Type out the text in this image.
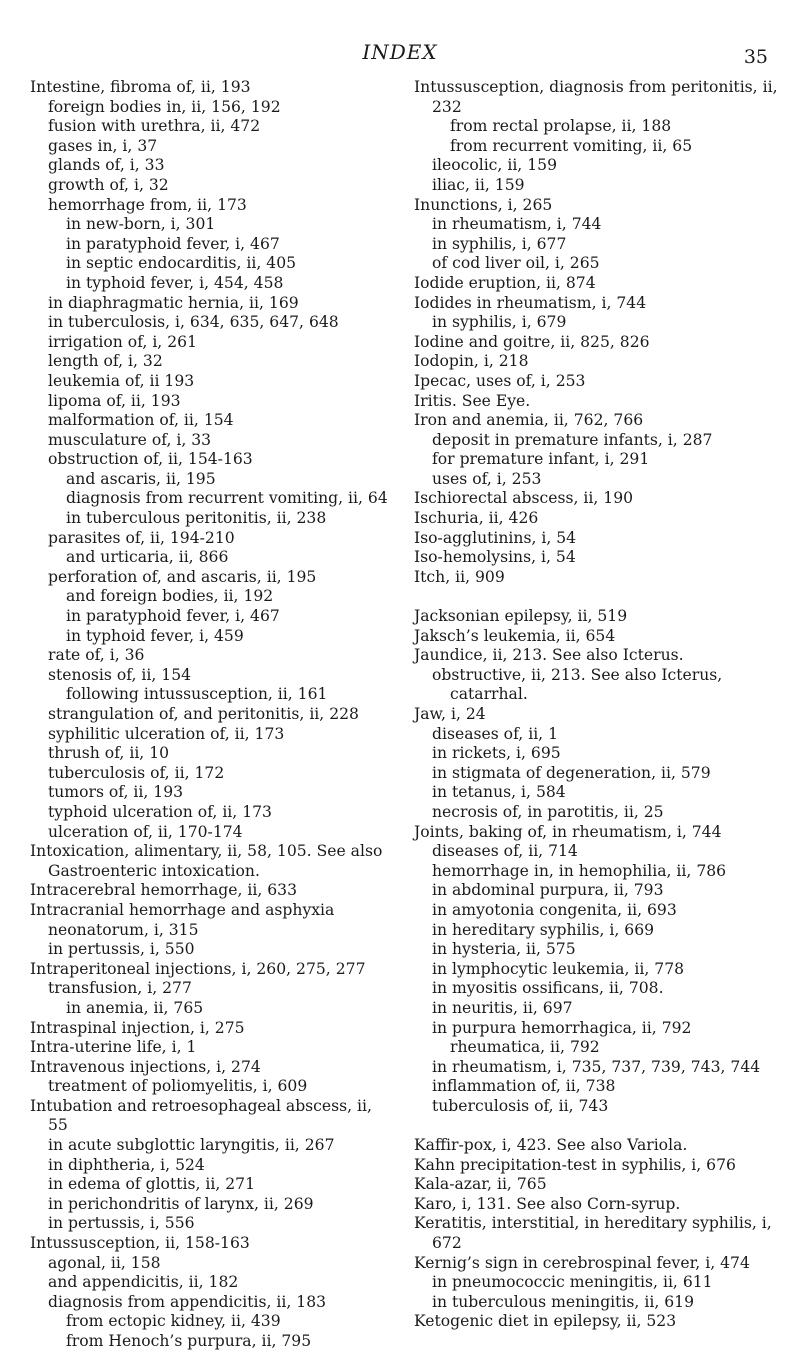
INDEX	35
Intestine, fibroma of, ii, 193
foreign bodies in, ii, 156, 192
fusion with urethra, ii, 472
gases in, i, 37
glands of, i, 33
growth of, i, 32
hemorrhage from, ii, 173
in new-born, i, 301
in paratyphoid fever, i, 467
in septic endocarditis, ii, 405
in typhoid fever, i, 454, 458
in diaphragmatic hernia, ii, 169
in tuberculosis, i, 634, 635, 647, 648
irrigation of, i, 261
length of, i, 32
leukemia of, ii 193
lipoma of, ii, 193
malformation of, ii, 154
musculature of, i, 33
obstruction of, ii, 154-163
and ascaris, ii, 195
diagnosis from recurrent vomiting, ii, 64
in tuberculous peritonitis, ii, 238
parasites of, ii, 194-210
and urticaria, ii, 866
perforation of, and ascaris, ii, 195
and foreign bodies, ii, 192
in paratyphoid fever, i, 467
in typhoid fever, i, 459
rate of, i, 36
stenosis of, ii, 154
following intussusception, ii, 161
strangulation of, and peritonitis, ii, 228
syphilitic ulceration of, ii, 173
thrush of, ii, 10
tuberculosis of, ii, 172
tumors of, ii, 193
typhoid ulceration of, ii, 173
ulceration of, ii, 170-174
Intoxication, alimentary, ii, 58, 105. See also Gastroenteric intoxication.
Intracerebral hemorrhage, ii, 633
Intracranial hemorrhage and asphyxia neonatorum, i, 315
in pertussis, i, 550
Intraperitoneal injections, i, 260, 275, 277
transfusion, i, 277
in anemia, ii, 765
Intraspinal injection, i, 275
Intra-uterine life, i, 1
Intravenous injections, i, 274
treatment of poliomyelitis, i, 609
Intubation and retroesophageal abscess, ii, 55
in acute subglottic laryngitis, ii, 267
in diphtheria, i, 524
in edema of glottis, ii, 271
in perichondritis of larynx, ii, 269
in pertussis, i, 556
Intussusception, ii, 158-163
agonal, ii, 158
and appendicitis, ii, 182
diagnosis from appendicitis, ii, 183
from ectopic kidney, ii, 439
from Henoch’s purpura, ii, 795
Intussusception, diagnosis from peritonitis, ii, 232
from rectal prolapse, ii, 188
from recurrent vomiting, ii, 65
ileocolic, ii, 159
iliac, ii, 159
Inunctions, i, 265
in rheumatism, i, 744
in syphilis, i, 677
of cod liver oil, i, 265
Iodide eruption, ii, 874
Iodides in rheumatism, i, 744
in syphilis, i, 679
Iodine and goitre, ii, 825, 826
Iodopin, i, 218
Ipecac, uses of, i, 253
Iritis. See Eye.
Iron and anemia, ii, 762, 766
deposit in premature infants, i, 287
for premature infant, i, 291
uses of, i, 253
Ischiorectal abscess, ii, 190
Ischuria, ii, 426
Iso-agglutinins, i, 54
Iso-hemolysins, i, 54
Itch, ii, 909
Jacksonian epilepsy, ii, 519
Jaksch’s leukemia, ii, 654
Jaundice, ii, 213. See also Icterus.
obstructive, ii, 213. See also Icterus, catarrhal.
Jaw, i, 24
diseases of, ii, 1
in rickets, i, 695
in stigmata of degeneration, ii, 579
in tetanus, i, 584
necrosis of, in parotitis, ii, 25
Joints, baking of, in rheumatism, i, 744
diseases of, ii, 714
hemorrhage in, in hemophilia, ii, 786
in abdominal purpura, ii, 793
in amyotonia congenita, ii, 693
in hereditary syphilis, i, 669
in hysteria, ii, 575
in lymphocytic leukemia, ii, 778
in myositis ossificans, ii, 708.
in neuritis, ii, 697
in purpura hemorrhagica, ii, 792
rheumatica, ii, 792
in rheumatism, i, 735, 737, 739, 743, 744
inflammation of, ii, 738
tuberculosis of, ii, 743
Kaffir-pox, i, 423. See also Variola.
Kahn precipitation-test in syphilis, i, 676
Kala-azar, ii, 765
Karo, i, 131. See also Corn-syrup.
Keratitis, interstitial, in hereditary syphilis, i, 672
Kernig’s sign in cerebrospinal fever, i, 474
in pneumococcic meningitis, ii, 611
in tuberculous meningitis, ii, 619
Ketogenic diet in epilepsy, ii, 523
